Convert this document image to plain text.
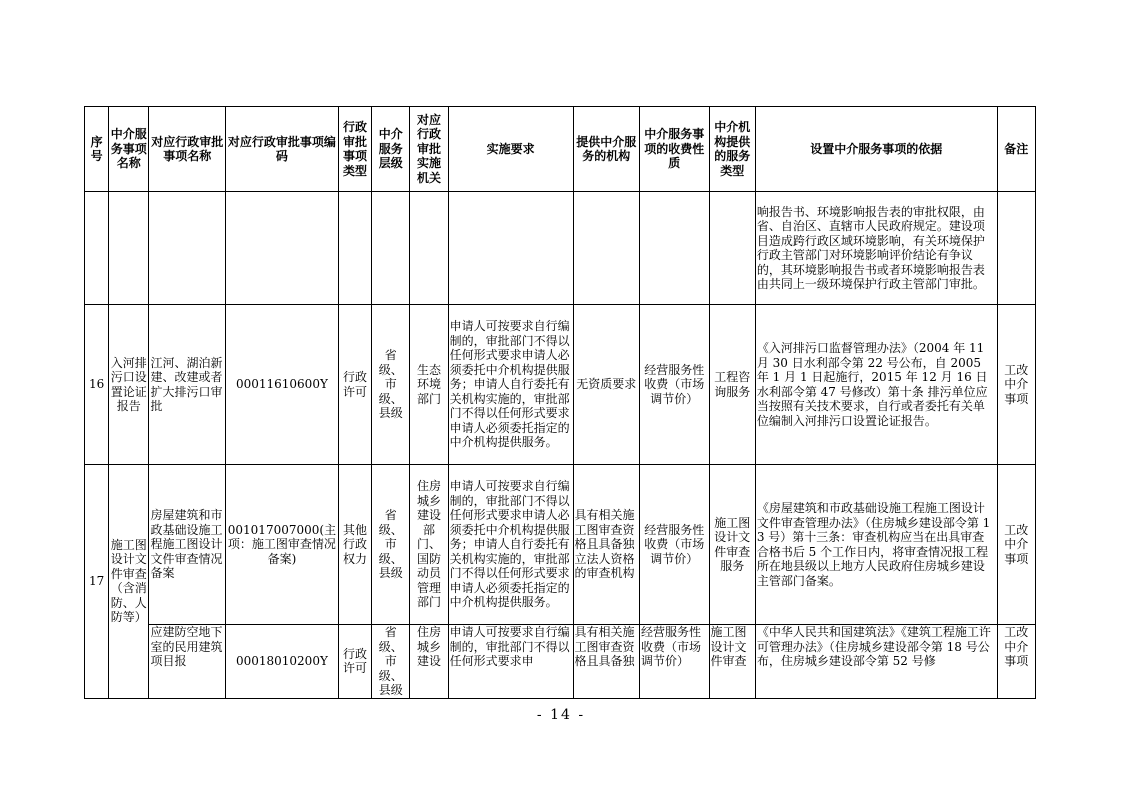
序号	中介服务事项名称	对应行政审批事项名称	对应行政审批事项编码	行政审批事项类型	中介服务层级	对应行政审批实施机关	实施要求	提供中介服务的机构	中介服务事项的收费性质	中介机构提供的服务类型	设置中介服务事项的依据	备注
											响报告书、环境影响报告表的审批权限，由省、自治区、直辖市人民政府规定。建设项目造成跨行政区域环境影响，有关环境保护行政主管部门对环境影响评价结论有争议的，其环境影响报告书或者环境影响报告表由共同上一级环境保护行政主管部门审批。	
16	入河排污口设置论证报告	江河、湖泊新建、改建或者扩大排污口审批	00011610600Y	行政许可	省级、市级、县级	生态环境部门	申请人可按要求自行编制的，审批部门不得以任何形式要求申请人必须委托中介机构提供服务；申请人自行委托有关机构实施的，审批部门不得以任何形式要求申请人必须委托指定的中介机构提供服务。	无资质要求	经营服务性收费（市场调节价）	工程咨询服务	《入河排污口监督管理办法》（2004 年 11 月 30 日水利部令第 22 号公布，自 2005 年 1 月 1 日起施行，2015 年 12 月 16 日水利部令第 47 号修改）第十条 排污单位应当按照有关技术要求，自行或者委托有关单位编制入河排污口设置论证报告。	工改中介事项
17	施工图设计文件审查（含消防、人防等）	房屋建筑和市政基础设施工程施工图设计文件审查情况备案	001017007000(主项：施工图审查情况备案)	其他行政权力	省级、市级、县级	住房城乡建设部门、国防动员管理部门	申请人可按要求自行编制的，审批部门不得以任何形式要求申请人必须委托中介机构提供服务；申请人自行委托有关机构实施的，审批部门不得以任何形式要求申请人必须委托指定的中介机构提供服务。	具有相关施工图审查资格且具备独立法人资格的审查机构	经营服务性收费（市场调节价）	施工图设计文件审查服务	《房屋建筑和市政基础设施工程施工图设计文件审查管理办法》（住房城乡建设部令第 13 号）第十三条：审查机构应当在出具审查合格书后 5 个工作日内，将审查情况报工程所在地县级以上地方人民政府住房城乡建设主管部门备案。	工改中介事项
		应建防空地下室的民用建筑项目报	00018010200Y	行政许可	省级、市级、县级	住房城乡建设	申请人可按要求自行编制的，审批部门不得以任何形式要求申	具有相关施工图审查资格且具备独	经营服务性收费（市场调节价）	施工图设计文件审查	《中华人民共和国建筑法》《建筑工程施工许可管理办法》（住房城乡建设部令第 18 号公布，住房城乡建设部令第 52 号修	工改中介事项
- 14 -
